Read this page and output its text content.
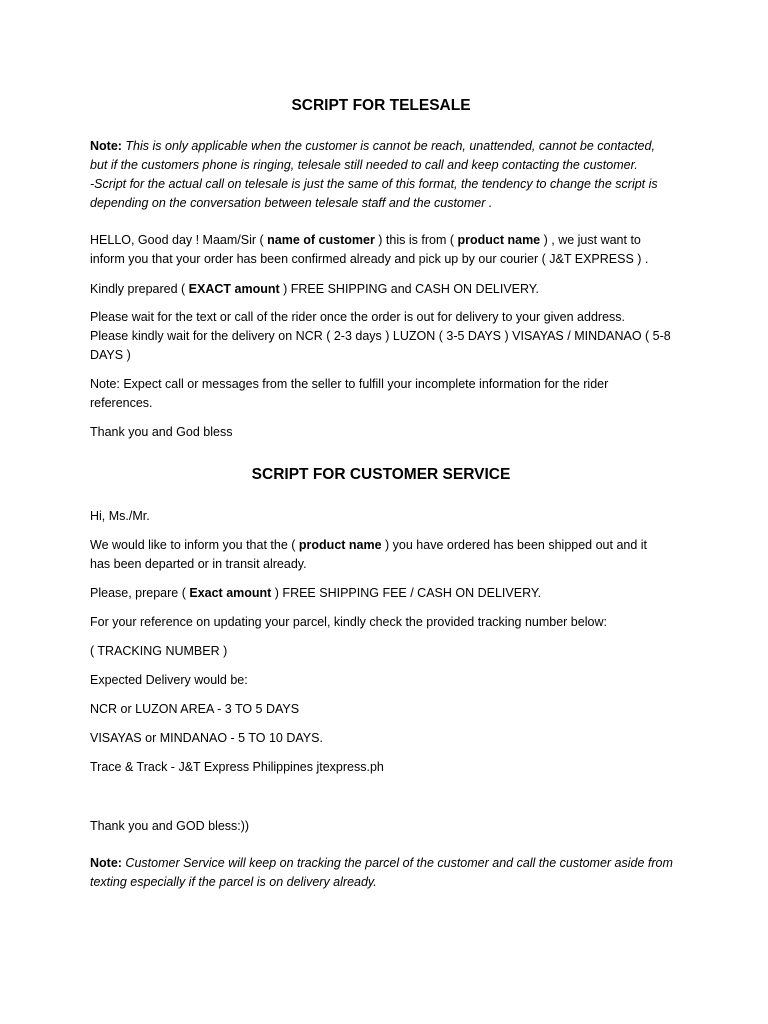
SCRIPT FOR TELESALE

Note: This is only applicable when the customer is cannot be reach, unattended, cannot be contacted,
but if the customers phone is ringing, telesale still needed to call and keep contacting the customer.
-Script for the actual call on telesale is just the same of this format, the tendency to change the script is
depending on the conversation between telesale staff and the customer .

HELLO, Good day ! Maam/Sir ( name of customer ) this is from ( product name ) , we just want to
inform you that your order has been confirmed already and pick up by our courier ( J&T EXPRESS ) .

Kindly prepared ( EXACT amount ) FREE SHIPPING and CASH ON DELIVERY.

Please wait for the text or call of the rider once the order is out for delivery to your given address.
Please kindly wait for the delivery on NCR ( 2-3 days ) LUZON ( 3-5 DAYS ) VISAYAS / MINDANAO ( 5-8
DAYS )

Note: Expect call or messages from the seller to fulfill your incomplete information for the rider
references.

Thank you and God bless

SCRIPT FOR CUSTOMER SERVICE

Hi, Ms./Mr.

We would like to inform you that the ( product name ) you have ordered has been shipped out and it
has been departed or in transit already.

Please, prepare ( Exact amount ) FREE SHIPPING FEE / CASH ON DELIVERY.

For your reference on updating your parcel, kindly check the provided tracking number below:

( TRACKING NUMBER )

Expected Delivery would be:

NCR or LUZON AREA - 3 TO 5 DAYS

VISAYAS or MINDANAO - 5 TO 10 DAYS.

Trace & Track - J&T Express Philippines jtexpress.ph

Thank you and GOD bless:))

Note: Customer Service will keep on tracking the parcel of the customer and call the customer aside from
texting especially if the parcel is on delivery already.
